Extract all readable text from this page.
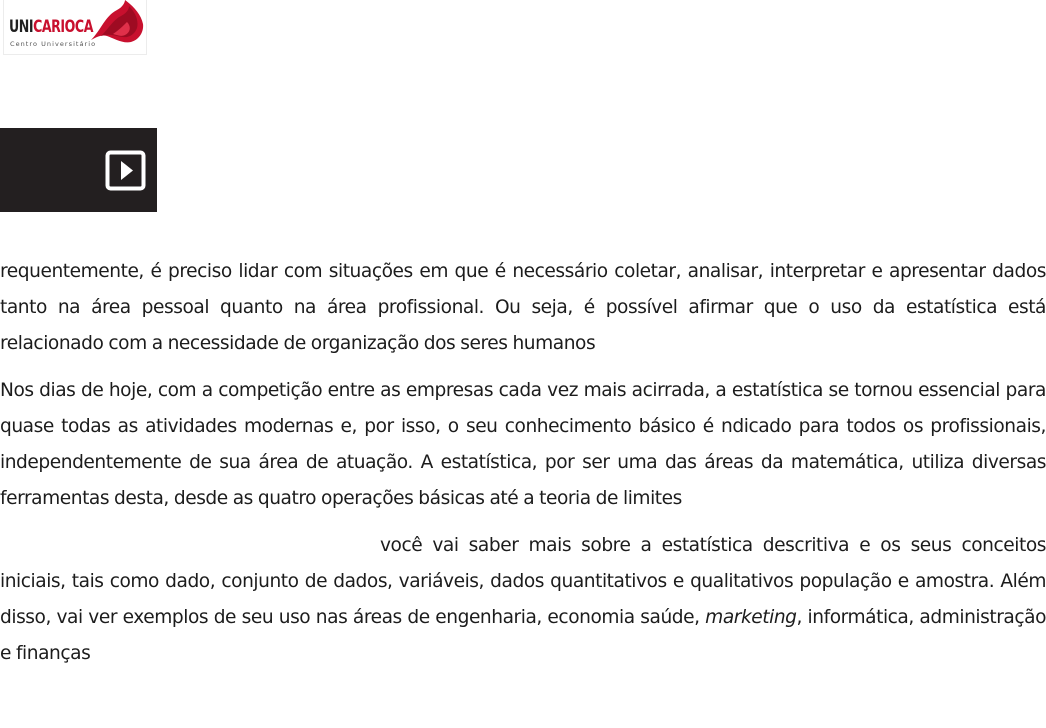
UNICARIOCA
Centro Universitário

requentemente, é preciso lidar com situações em que é necessário coletar, analisar, interpretar e apresentar dados tanto na área pessoal quanto na área profissional. Ou seja, é possível afirmar que o uso da estatística está relacionado com a necessidade de organização dos seres humanos

Nos dias de hoje, com a competição entre as empresas cada vez mais acirrada, a estatística se tornou essencial para quase todas as atividades modernas e, por isso, o seu conhecimento básico é ndicado para todos os profissionais, independentemente de sua área de atuação. A estatística, por ser uma das áreas da matemática, utiliza diversas ferramentas desta, desde as quatro operações básicas até a teoria de limites

você vai saber mais sobre a estatística descritiva e os seus conceitos iniciais, tais como dado, conjunto de dados, variáveis, dados quantitativos e qualitativos população e amostra. Além disso, vai ver exemplos de seu uso nas áreas de engenharia, economia saúde, marketing, informática, administração e finanças
